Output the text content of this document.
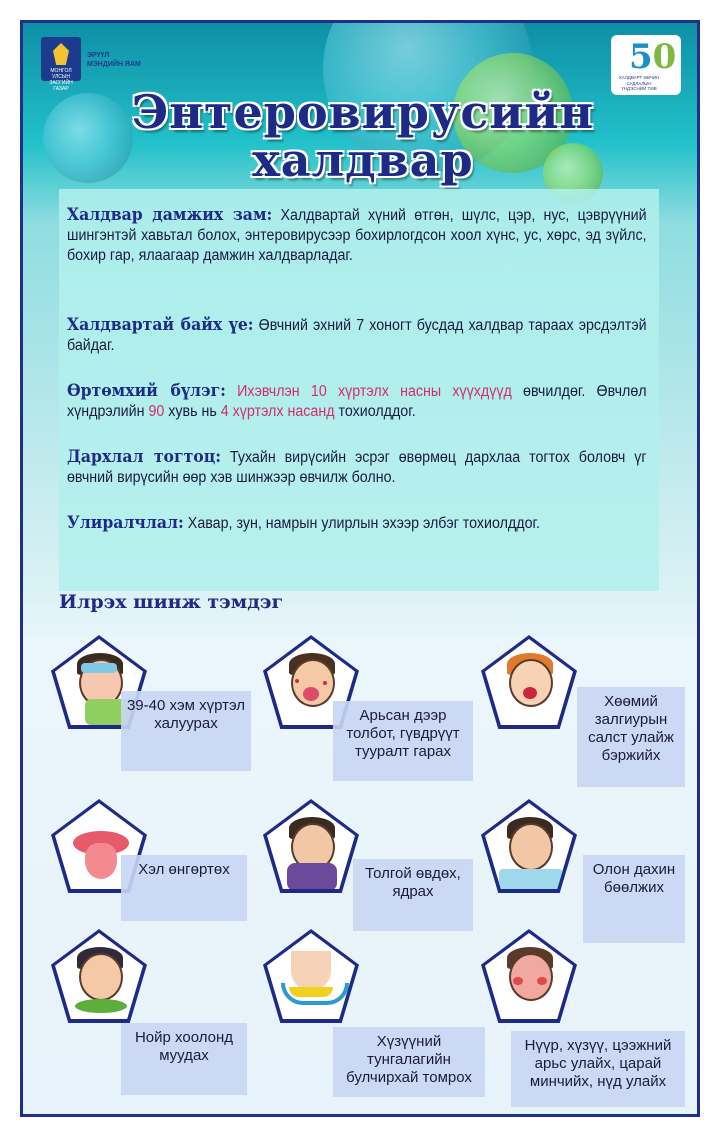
МОНГОЛ УЛСЫН ЗАСГИЙН ГАЗАР
ЭРҮҮЛ МЭНДИЙН ЯАМ	50
ХАЛДВАРТ ӨВЧИН СУДЛАЛЫН ҮНДЭСНИЙ ТӨВ
Энтеровирусийн
халдвар
Халдвар дамжих зам: Халдвартай хүний өтгөн, шүлс, цэр, нус, цэврүүний шингэнтэй хавьтал болох, энтеровирусээр бохирлогдсон хоол хүнс, ус, хөрс, эд зүйлс, бохир гар, ялаагаар дамжин халдварладаг.
Халдвартай байх үе: Өвчний эхний 7 хоногт бусдад халдвар тараах эрсдэлтэй байдаг.
Өртөмхий бүлэг: Ихэвчлэн 10 хүртэлх насны хүүхдүүд өвчилдөг. Өвчлөл хүндрэлийн 90 хувь нь 4 хүртэлх насанд тохиолддог.
Дархлал тогтоц: Тухайн вирүсийн эсрэг өвөрмөц дархлаа тогтох боловч үг өвчний вирүсийн өөр хэв шинжээр өвчилж болно.
Улиралчлал: Хавар, зун, намрын улирлын эхээр элбэг тохиолддог.
Илрэх шинж тэмдэг
39-40 хэм хүртэл халуурах	Арьсан дээр толбот, гүвдрүүт тууралт гарах
Хөөмий залгиурын салст улайж бэржийх
Хэл өнгөртөх	Толгой өвдөх, ядрах
Олон дахин бөөлжих
Нойр хоолонд муудах
Хүзүүний тунгалагийн булчирхай томрох
Нүүр, хүзүү, цээжний арьс улайх, царай минчийх, нүд улайх
